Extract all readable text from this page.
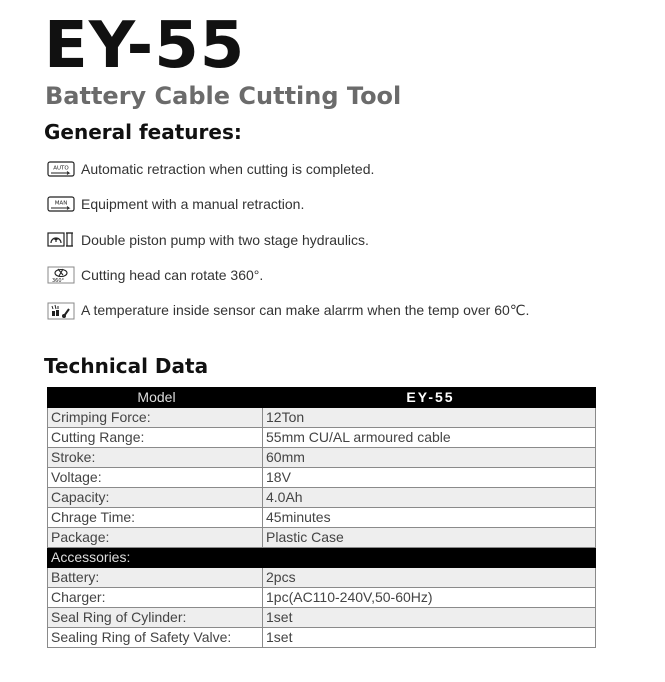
EY-55
Battery Cable Cutting Tool
General features:
AUTO Automatic retraction when cutting is completed.
MAN Equipment with a manual retraction.
Double piston pump with two stage hydraulics.
360° Cutting head can rotate 360°.
A temperature inside sensor can make alarrm when the temp over 60℃.
Technical Data
Model	EY-55
Crimping Force:	12Ton
Cutting Range:	55mm CU/AL armoured cable
Stroke:	60mm
Voltage:	18V
Capacity:	4.0Ah
Chrage Time:	45minutes
Package:	Plastic Case
Accessories:	
Battery:	2pcs
Charger:	1pc(AC110-240V,50-60Hz)
Seal Ring of Cylinder:	1set
Sealing Ring of Safety Valve:	1set
